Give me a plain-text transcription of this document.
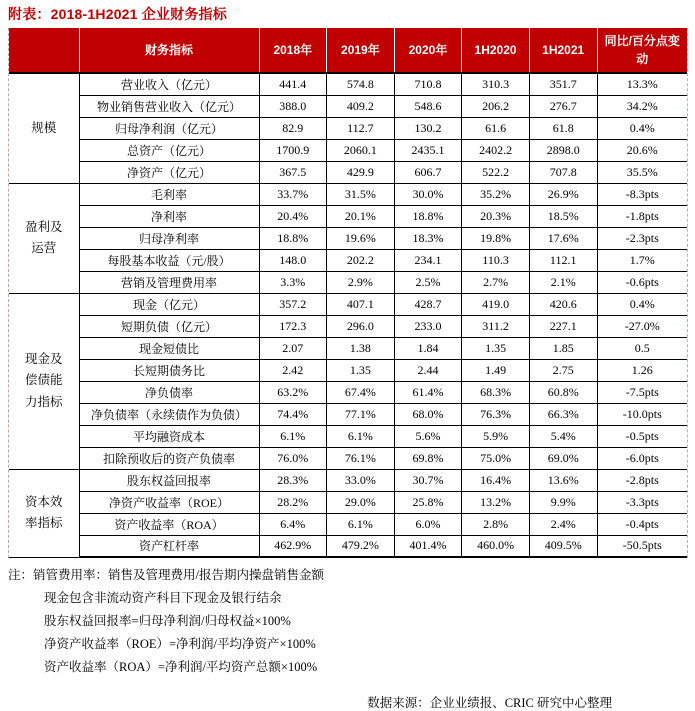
附表：2018-1H2021 企业财务指标
	财务指标	2018年	2019年	2020年	1H2020	1H2021	同比/百分点变动
规模	营业收入（亿元）	441.4	574.8	710.8	310.3	351.7	13.3%
	物业销售营业收入（亿元）	388.0	409.2	548.6	206.2	276.7	34.2%
	归母净利润（亿元）	82.9	112.7	130.2	61.6	61.8	0.4%
	总资产（亿元）	1700.9	2060.1	2435.1	2402.2	2898.0	20.6%
	净资产（亿元）	367.5	429.9	606.7	522.2	707.8	35.5%
盈利及运营	毛利率	33.7%	31.5%	30.0%	35.2%	26.9%	-8.3pts
	净利率	20.4%	20.1%	18.8%	20.3%	18.5%	-1.8pts
	归母净利率	18.8%	19.6%	18.3%	19.8%	17.6%	-2.3pts
	每股基本收益（元/股）	148.0	202.2	234.1	110.3	112.1	1.7%
	营销及管理费用率	3.3%	2.9%	2.5%	2.7%	2.1%	-0.6pts
现金及偿债能力指标	现金（亿元）	357.2	407.1	428.7	419.0	420.6	0.4%
	短期负债（亿元）	172.3	296.0	233.0	311.2	227.1	-27.0%
	现金短债比	2.07	1.38	1.84	1.35	1.85	0.5
	长短期债务比	2.42	1.35	2.44	1.49	2.75	1.26
	净负债率	63.2%	67.4%	61.4%	68.3%	60.8%	-7.5pts
	净负债率（永续债作为负债）	74.4%	77.1%	68.0%	76.3%	66.3%	-10.0pts
	平均融资成本	6.1%	6.1%	5.6%	5.9%	5.4%	-0.5pts
	扣除预收后的资产负债率	76.0%	76.1%	69.8%	75.0%	69.0%	-6.0pts
资本效率指标	股东权益回报率	28.3%	33.0%	30.7%	16.4%	13.6%	-2.8pts
	净资产收益率（ROE）	28.2%	29.0%	25.8%	13.2%	9.9%	-3.3pts
	资产收益率（ROA）	6.4%	6.1%	6.0%	2.8%	2.4%	-0.4pts
	资产杠杆率	462.9%	479.2%	401.4%	460.0%	409.5%	-50.5pts
注：销管费用率：销售及管理费用/报告期内操盘销售金额
现金包含非流动资产科目下现金及银行结余
股东权益回报率=归母净利润/归母权益×100%
净资产收益率（ROE）=净利润/平均净资产×100%
资产收益率（ROA）=净利润/平均资产总额×100%
数据来源：企业业绩报、CRIC 研究中心整理
